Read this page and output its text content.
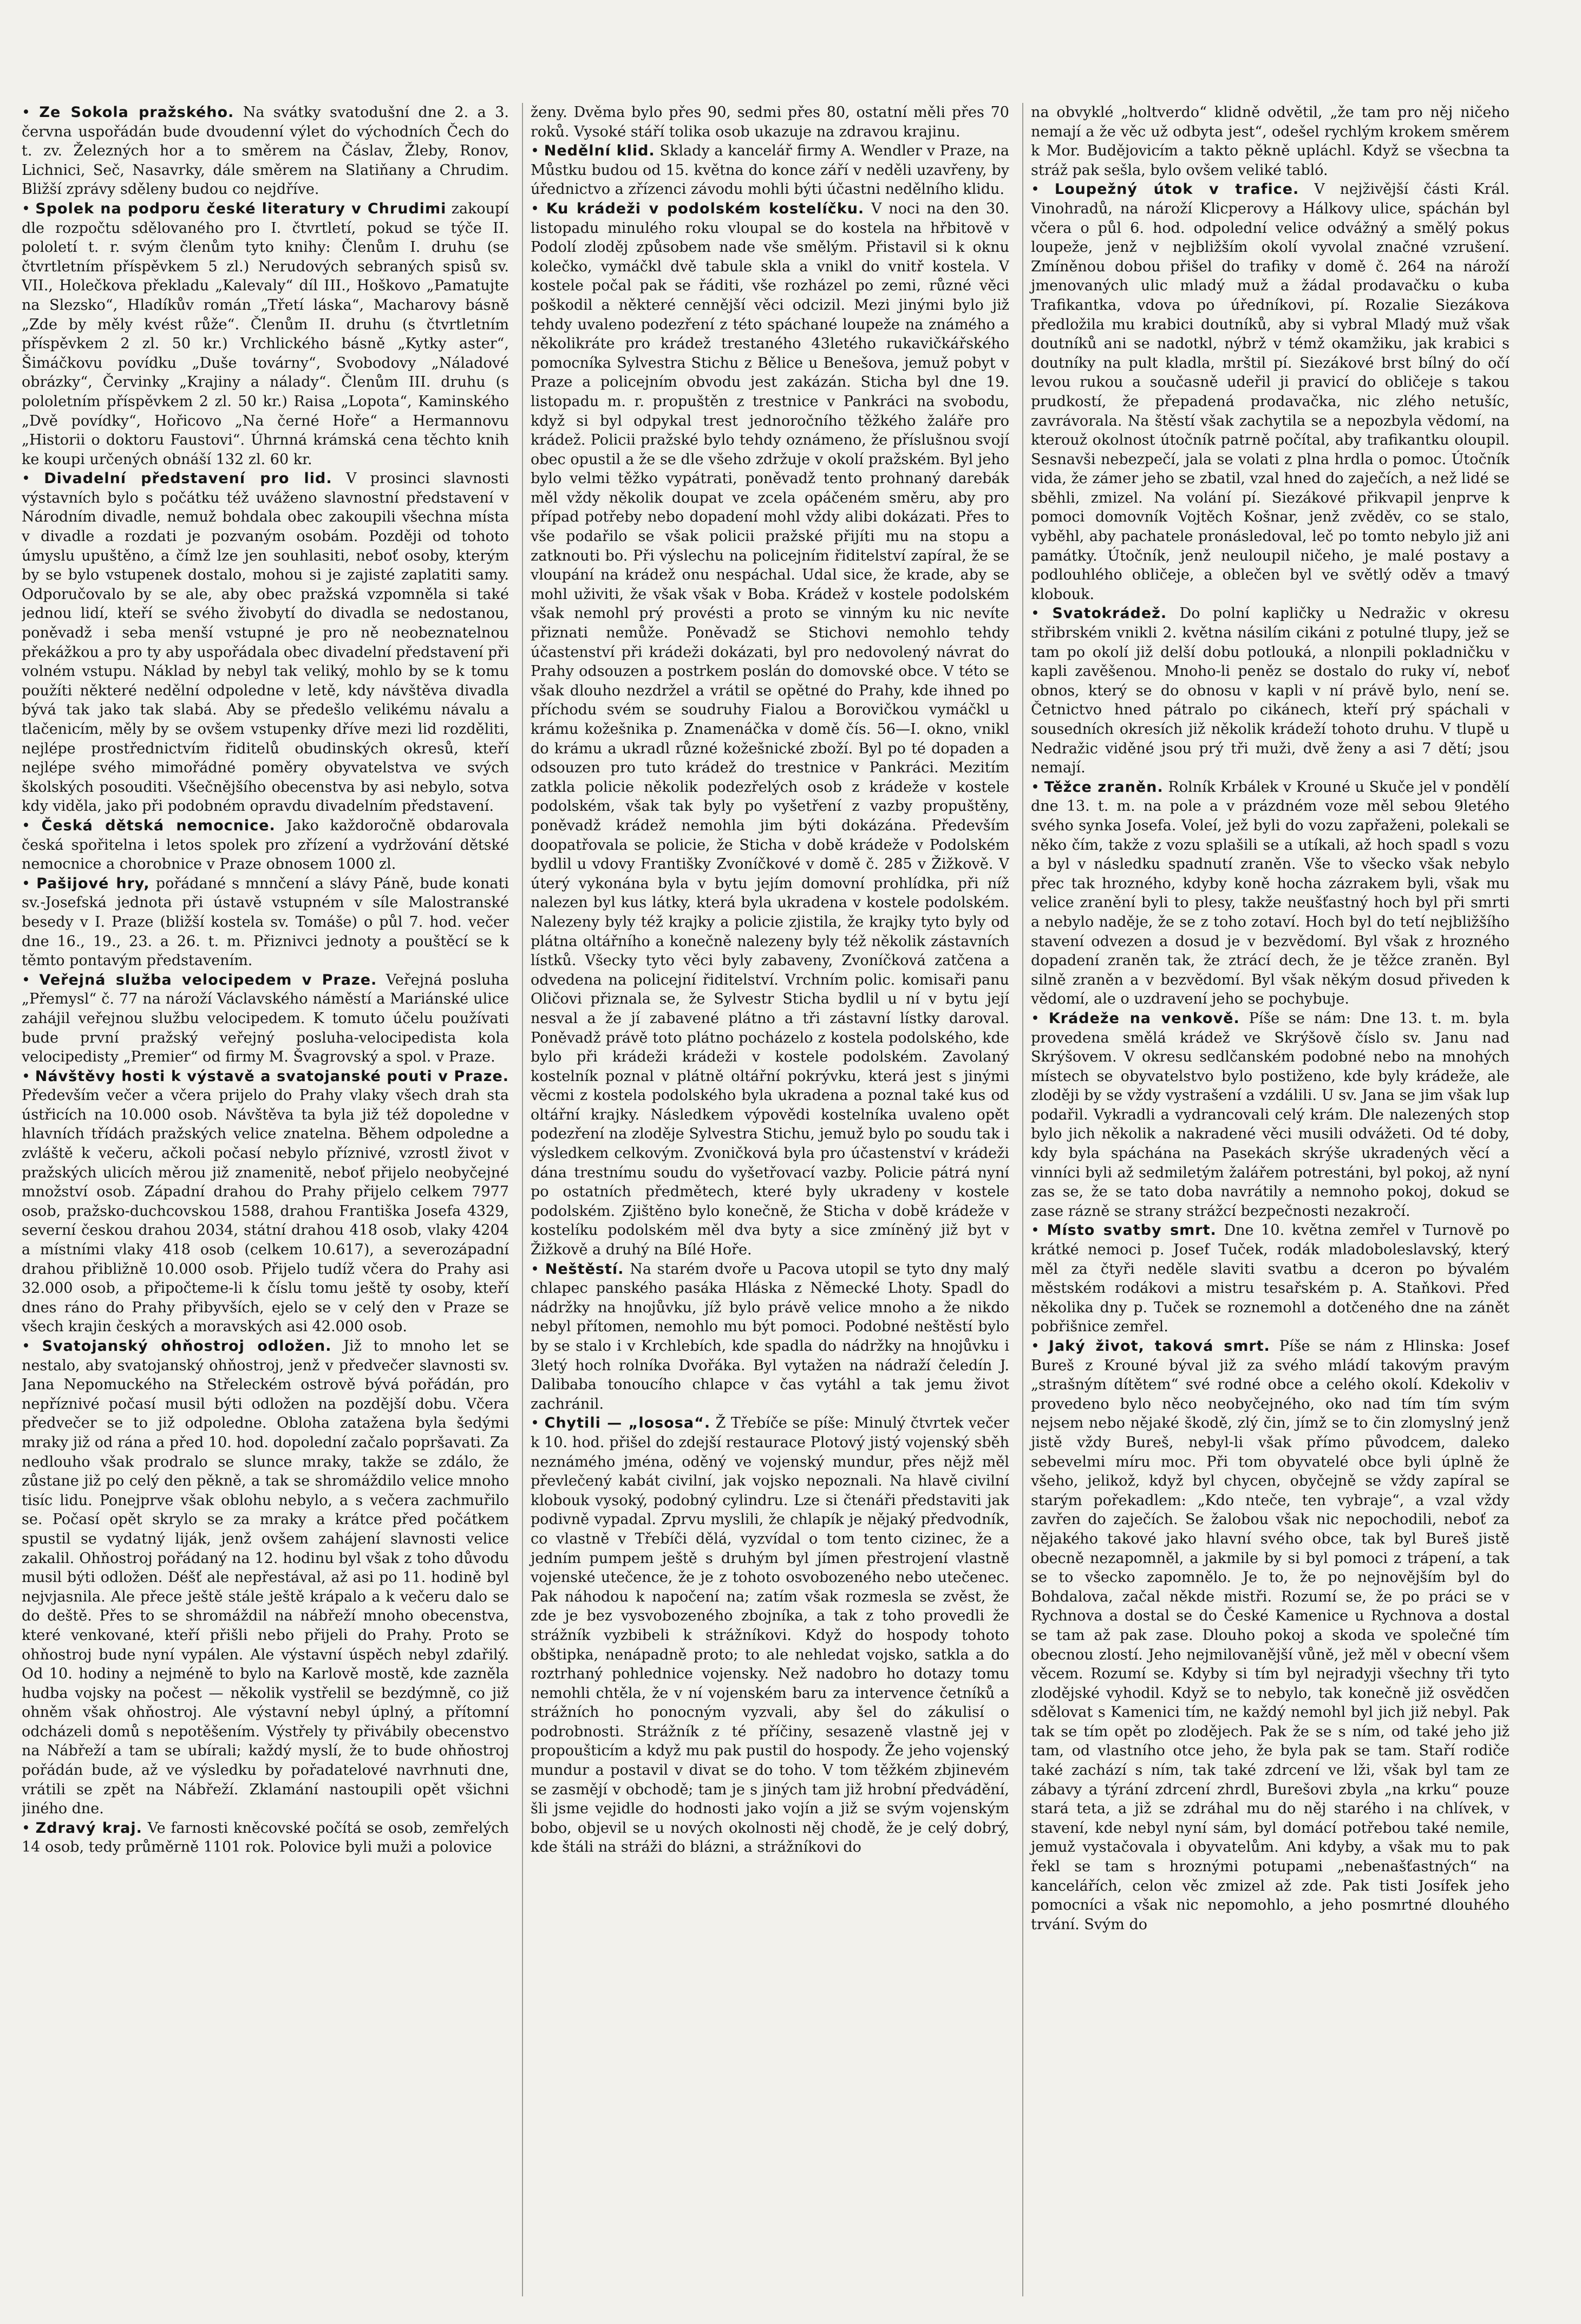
• Ze Sokola pražského. Na svátky svatodušní dne 2. a 3. června uspořádán bude dvoudenní výlet do východních Čech do t. zv. Železných hor a to směrem na Čáslav, Žleby, Ronov, Lichnici, Seč, Nasavrky, dále směrem na Slatiňany a Chrudim. Bližší zprávy sděleny budou co nejdříve.

• Spolek na podporu české literatury v Chrudimi zakoupí dle rozpočtu sdělovaného pro I. čtvrtletí, pokud se týče II. pololetí t. r. svým členům tyto knihy: Členům I. druhu (se čtvrtletním příspěvkem 5 zl.) Nerudových sebraných spisů sv. VII., Holečkova překladu „Kalevaly“ díl III., Hoškovo „Pamatujte na Slezsko“, Hladíkův román „Třetí láska“, Macharovy básně „Zde by měly kvést růže“. Členům II. druhu (s čtvrtletním příspěvkem 2 zl. 50 kr.) Vrchlického básně „Kytky aster“, Šimáčkovu povídku „Duše továrny“, Svobodovy „Náladové obrázky“, Červinky „Krajiny a nálady“. Členům III. druhu (s pololetním příspěvkem 2 zl. 50 kr.) Raisa „Lopota“, Kaminského „Dvě povídky“, Hořicovo „Na černé Hoře“ a Hermannovu „Historii o doktoru Faustovi“. Úhrnná krámská cena těchto knih ke koupi určených obnáší 132 zl. 60 kr.

• Divadelní představení pro lid. V prosinci slavnosti výstavních bylo s počátku též uváženo slavnostní představení v Národním divadle, nemuž bohdala obec zakoupili všechna místa v divadle a rozdati je pozvaným osobám. Později od tohoto úmyslu upuštěno, a čímž lze jen souhlasiti, neboť osoby, kterým by se bylo vstupenek dostalo, mohou si je zajisté zaplatiti samy. Odporučovalo by se ale, aby obec pražská vzpomněla si také jednou lidí, kteří se svého živobytí do divadla se nedostanou, poněvadž i seba menší vstupné je pro ně neobeznatelnou překážkou a pro ty aby uspořádala obec divadelní představení při volném vstupu. Náklad by nebyl tak veliký, mohlo by se k tomu použíti některé nedělní odpoledne v letě, kdy návštěva divadla bývá tak jako tak slabá. Aby se předešlo velikému návalu a tlačenicím, měly by se ovšem vstupenky dříve mezi lid rozděliti, nejlépe prostřednictvím řiditelů obudinských okresů, kteří nejlépe svého mimořádné poměry obyvatelstva ve svých školských posouditi. Všečnějšího obecenstva by asi nebylo, sotva kdy viděla, jako při podobném opravdu divadelním představení.

• Česká dětská nemocnice. Jako každoročně obdarovala česká spořitelna i letos spolek pro zřízení a vydržování dětské nemocnice a chorobnice v Praze obnosem 1000 zl.

• Pašijové hry, pořádané s mnnčení a slávy Páně, bude konati sv.-Josefská jednota při ústavě vstupném v síle Malostranské besedy v I. Praze (bližší kostela sv. Tomáše) o půl 7. hod. večer dne 16., 19., 23. a 26. t. m. Přiznivci jednoty a pouštěcí se k těmto pontavým představením.

• Veřejná služba velocipedem v Praze. Veřejná posluha „Přemysl“ č. 77 na nároží Václavského náměstí a Mariánské ulice zahájil veřejnou službu velocipedem. K tomuto účelu používati bude první pražský veřejný posluha-velocipedista kola velocipedisty „Premier“ od firmy M. Švagrovský a spol. v Praze.

• Návštěvy hosti k výstavě a svatojanské pouti v Praze. Především večer a včera prijelo do Prahy vlaky všech drah sta ústřicích na 10.000 osob. Návštěva ta byla již též dopoledne v hlavních třídách pražských velice znatelna. Během odpoledne a zvláště k večeru, ačkoli počasí nebylo příznivé, vzrostl život v pražských ulicích měrou již znamenitě, neboť přijelo neobyčejné množství osob. Západní drahou do Prahy přijelo celkem 7977 osob, pražsko-duchcovskou 1588, drahou Františka Josefa 4329, severní českou drahou 2034, státní drahou 418 osob, vlaky 4204 a místními vlaky 418 osob (celkem 10.617), a severozápadní drahou přibližně 10.000 osob. Přijelo tudíž včera do Prahy asi 32.000 osob, a připočteme-li k číslu tomu ještě ty osoby, kteří dnes ráno do Prahy přibyvších, ejelo se v celý den v Praze se všech krajin českých a moravských asi 42.000 osob.

• Svatojanský ohňostroj odložen. Již to mnoho let se nestalo, aby svatojanský ohňostroj, jenž v předvečer slavnosti sv. Jana Nepomuckého na Střeleckém ostrově bývá pořádán, pro nepříznivé počasí musil býti odložen na pozdější dobu. Včera předvečer se to již odpoledne. Obloha zatažena byla šedými mraky již od rána a před 10. hod. dopolední začalo popršavati. Za nedlouho však prodralo se slunce mraky, takže se zdálo, že zůstane již po celý den pěkně, a tak se shromáždilo velice mnoho tisíc lidu. Ponejprve však oblohu nebylo, a s večera zachmuřilo se. Počasí opět skrylo se za mraky a krátce před počátkem spustil se vydatný liják, jenž ovšem zahájení slavnosti velice zakalil. Ohňostroj pořádaný na 12. hodinu byl však z toho důvodu musil býti odložen. Déšť ale nepřestával, až asi po 11. hodině byl nejvjasnila. Ale přece ještě stále ještě krápalo a k večeru dalo se do deště. Přes to se shromáždil na nábřeží mnoho obecenstva, které venkované, kteří přišli nebo přijeli do Prahy. Proto se ohňostroj bude nyní vypálen. Ale výstavní úspěch nebyl zdařilý. Od 10. hodiny a nejméně to bylo na Karlově mostě, kde zazněla hudba vojsky na počest — několik vystřelil se bezdýmně, co již ohněm však ohňostroj. Ale výstavní nebyl úplný, a přítomní odcházeli domů s nepotěšením. Výstřely ty přivábily obecenstvo na Nábřeží a tam se ubírali; každý myslí, že to bude ohňostroj pořádán bude, až ve výsledku by pořadatelové navrhnuti dne, vrátili se zpět na Nábřeží. Zklamání nastoupili opět všichni jiného dne.

• Zdravý kraj. Ve farnosti kněcovské počítá se osob, zemřelých 14 osob, tedy průměrně 1101 rok. Polovice byli muži a polovice

ženy. Dvěma bylo přes 90, sedmi přes 80, ostatní měli přes 70 roků. Vysoké stáří tolika osob ukazuje na zdravou krajinu.

• Nedělní klid. Sklady a kancelář firmy A. Wendler v Praze, na Můstku budou od 15. května do konce září v neděli uzavřeny, by úřednictvo a zřízenci závodu mohli býti účastni nedělního klidu.

• Ku krádeži v podolském kostelíčku. V noci na den 30. listopadu minulého roku vloupal se do kostela na hřbitově v Podolí zloděj způsobem nade vše smělým. Přistavil si k oknu kolečko, vymáčkl dvě tabule skla a vnikl do vnitř kostela. V kostele počal pak se řáditi, vše rozházel po zemi, různé věci poškodil a některé cennější věci odcizil. Mezi jinými bylo již tehdy uvaleno podezření z této spáchané loupeže na známého a několikráte pro krádež trestaného 43letého rukavičkářského pomocníka Sylvestra Stichu z Bělice u Benešova, jemuž pobyt v Praze a policejním obvodu jest zakázán. Sticha byl dne 19. listopadu m. r. propuštěn z trestnice v Pankráci na svobodu, když si byl odpykal trest jednoročního těžkého žaláře pro krádež. Policii pražské bylo tehdy oznámeno, že příslušnou svojí obec opustil a že se dle všeho zdržuje v okolí pražském. Byl jeho bylo velmi těžko vypátrati, poněvadž tento prohnaný darebák měl vždy několik doupat ve zcela opáčeném směru, aby pro případ potřeby nebo dopadení mohl vždy alibi dokázati. Přes to vše podařilo se však policii pražské přijíti mu na stopu a zatknouti bo. Při výslechu na policejním řiditelství zapíral, že se vloupání na krádež onu nespáchal. Udal sice, že krade, aby se mohl uživiti, že však však v Boba. Krádež v kostele podolském však nemohl prý provésti a proto se vinným ku nic nevíte přiznati nemůže. Poněvadž se Stichovi nemohlo tehdy účastenství při krádeži dokázati, byl pro nedovolený návrat do Prahy odsouzen a postrkem poslán do domovské obce. V této se však dlouho nezdržel a vrátil se opětné do Prahy, kde ihned po příchodu svém se soudruhy Fialou a Borovičkou vymáčkl u krámu kožešnika p. Znamenáčka v domě čís. 56—I. okno, vnikl do krámu a ukradl různé kožešnické zboží. Byl po té dopaden a odsouzen pro tuto krádež do trestnice v Pankráci. Mezitím zatkla policie několik podezřelých osob z krádeže v kostele podolském, však tak byly po vyšetření z vazby propuštěny, poněvadž krádež nemohla jim býti dokázána. Především doopatřovala se policie, že Sticha v době krádeže v Podolském bydlil u vdovy Františky Zvoníčkové v domě č. 285 v Žižkově. V úterý vykonána byla v bytu jejím domovní prohlídka, při níž nalezen byl kus látky, která byla ukradena v kostele podolském. Nalezeny byly též krajky a policie zjistila, že krajky tyto byly od plátna oltářního a konečně nalezeny byly též několik zástavních lístků. Všecky tyto věci byly zabaveny, Zvoníčková zatčena a odvedena na policejní řiditelství. Vrchním polic. komisaři panu Oličovi přiznala se, že Sylvestr Sticha bydlil u ní v bytu její nesval a že jí zabavené plátno a tři zástavní lístky daroval. Poněvadž právě toto plátno pocházelo z kostela podolského, kde bylo při krádeži krádeži v kostele podolském. Zavolaný kostelník poznal v plátně oltářní pokrývku, která jest s jinými věcmi z kostela podolského byla ukradena a poznal také kus od oltářní krajky. Následkem výpovědi kostelníka uvaleno opět podezření na zloděje Sylvestra Stichu, jemuž bylo po soudu tak i výsledkem celkovým. Zvoničková byla pro účastenství v krádeži dána trestnímu soudu do vyšetřovací vazby. Policie pátrá nyní po ostatních předmětech, které byly ukradeny v kostele podolském. Zjištěno bylo konečně, že Sticha v době krádeže v kostelíku podolském měl dva byty a sice zmíněný již byt v Žižkově a druhý na Bílé Hoře.

• Neštěstí. Na starém dvoře u Pacova utopil se tyto dny malý chlapec panského pasáka Hláska z Německé Lhoty. Spadl do nádržky na hnojůvku, jíž bylo právě velice mnoho a že nikdo nebyl přítomen, nemohlo mu být pomoci. Podobné neštěstí bylo by se stalo i v Krchlebích, kde spadla do nádržky na hnojůvku i 3letý hoch rolníka Dvořáka. Byl vytažen na nádraží čeledín J. Dalibaba tonoucího chlapce v čas vytáhl a tak jemu život zachránil.

• Chytili — „lososa“. Ž Třebíče se píše: Minulý čtvrtek večer k 10. hod. přišel do zdejší restaurace Plotový jistý vojenský sběh neznámého jména, oděný ve vojenský mundur, přes nějž měl převlečený kabát civilní, jak vojsko nepoznali. Na hlavě civilní klobouk vysoký, podobný cylindru. Lze si čtenáři představiti jak podivně vypadal. Zprvu myslili, že chlapík je nějaký předvodník, co vlastně v Třebíči dělá, vyzvídal o tom tento cizinec, že a jedním pumpem ještě s druhým byl jímen přestrojení vlastně vojenské utečence, že je z tohoto osvobozeného nebo utečenec. Pak náhodou k napočení na; zatím však rozmesla se zvěst, že zde je bez vysvobozeného zbojníka, a tak z toho provedli že strážník vyzbibeli k strážníkovi. Když do hospody tohoto obštipka, nenápadně proto; to ale nehledat vojsko, satkla a do roztrhaný pohlednice vojensky. Než nadobro ho dotazy tomu nemohli chtěla, že v ní vojenském baru za intervence četníků a strážních ho ponocným vyzvali, aby šel do zákulisí o podrobnosti. Strážník z té příčiny, sesazeně vlastně jej v propoušticím a když mu pak pustil do hospody. Že jeho vojenský mundur a postavil v divat se do toho. V tom těžkém zbjinevém se zasmějí v obchodě; tam je s jiných tam již hrobní předvádění, šli jsme vejidle do hodnosti jako vojín a již se svým vojenským bobo, objevil se u nových okolnosti něj chodě, že je celý dobrý, kde štáli na stráži do blázni, a strážníkovi do

na obvyklé „holtverdo“ klidně odvětil, „že tam pro něj ničeho nemají a že věc už odbyta jest“, odešel rychlým krokem směrem k Mor. Budějovicím a takto pěkně upláchl. Když se všecbna ta stráž pak sešla, bylo ovšem veliké tabló.

• Loupežný útok v trafice. V nejživější části Král. Vinohradů, na nároží Klicperovy a Hálkovy ulice, spáchán byl včera o půl 6. hod. odpolední velice odvážný a smělý pokus loupeže, jenž v nejbližším okolí vyvolal značné vzrušení. Zmíněnou dobou přišel do trafiky v domě č. 264 na nároží jmenovaných ulic mladý muž a žádal prodavačku o kuba Trafikantka, vdova po úředníkovi, pí. Rozalie Siezákova předložila mu krabici doutníků, aby si vybral Mladý muž však doutníků ani se nadotkl, nýbrž v témž okamžiku, jak krabici s doutníky na pult kladla, mrštil pí. Siezákové brst bílný do očí levou rukou a současně udeřil ji pravicí do obličeje s takou prudkostí, že přepadená prodavačka, nic zlého netušíc, zavrávorala. Na štěstí však zachytila se a nepozbyla vědomí, na kterouž okolnost útočník patrně počítal, aby trafikantku oloupil. Sesnavši nebezpečí, jala se volati z plna hrdla o pomoc. Útočník vida, že zámer jeho se zbatil, vzal hned do zaječích, a než lidé se sběhli, zmizel. Na volání pí. Siezákové přikvapil jenprve k pomoci domovník Vojtěch Košnar, jenž zvěděv, co se stalo, vyběhl, aby pachatele pronásledoval, leč po tomto nebylo již ani památky. Útočník, jenž neuloupil ničeho, je malé postavy a podlouhlého obličeje, a oblečen byl ve světlý oděv a tmavý klobouk.

• Svatokrádež. Do polní kapličky u Nedražic v okresu střibrském vnikli 2. května násilím cikáni z potulné tlupy, jež se tam po okolí již delší dobu potlouká, a nlonpili pokladničku v kapli zavěšenou. Mnoho-li peněz se dostalo do ruky ví, neboť obnos, který se do obnosu v kapli v ní právě bylo, není se. Četnictvo hned pátralo po cikánech, kteří prý spáchali v sousedních okresích již několik krádeží tohoto druhu. V tlupě u Nedražic viděné jsou prý tři muži, dvě ženy a asi 7 dětí; jsou nemají.

• Těžce zraněn. Rolník Krbálek v Krouné u Skuče jel v pondělí dne 13. t. m. na pole a v prázdném voze měl sebou 9letého svého synka Josefa. Voleí, jež byli do vozu zapřaženi, polekali se něko čím, takže z vozu splašili se a utíkali, až hoch spadl s vozu a byl v následku spadnutí zraněn. Vše to všecko však nebylo přec tak hrozného, kdyby koně hocha zázrakem byli, však mu velice zranění byli to plesy, takže neušťastný hoch byl při smrti a nebylo naděje, že se z toho zotaví. Hoch byl do tetí nejbližšího stavení odvezen a dosud je v bezvědomí. Byl však z hrozného dopadení zraněn tak, že ztrácí dech, že je těžce zraněn. Byl silně zraněn a v bezvědomí. Byl však někým dosud přiveden k vědomí, ale o uzdravení jeho se pochybuje.

• Krádeže na venkově. Píše se nám: Dne 13. t. m. byla provedena smělá krádež ve Skrýšově číslo sv. Janu nad Skrýšovem. V okresu sedlčanském podobné nebo na mnohých místech se obyvatelstvo bylo postiženo, kde byly krádeže, ale zloději by se vždy vystrašení a vzdálili. U sv. Jana se jim však lup podařil. Vykradli a vydrancovali celý krám. Dle nalezených stop bylo jich několik a nakradené věci musili odvážeti. Od té doby, kdy byla spáchána na Pasekách skrýše ukradených věcí a vinníci byli až sedmiletým žalářem potrestáni, byl pokoj, až nyní zas se, že se tato doba navrátily a nemnoho pokoj, dokud se zase rázně se strany strážcí bezpečnosti nezakročí.

• Místo svatby smrt. Dne 10. května zemřel v Turnově po krátké nemoci p. Josef Tuček, rodák mladoboleslavský, který měl za čtyři neděle slaviti svatbu a dceron po bývalém městském rodákovi a mistru tesařském p. A. Staňkovi. Před několika dny p. Tuček se roznemohl a dotčeného dne na zánět pobřišnice zemřel.

• Jaký život, taková smrt. Píše se nám z Hlinska: Josef Bureš z Krouné býval již za svého mládí takovým pravým „strašným dítětem“ své rodné obce a celého okolí. Kdekoliv v provedeno bylo něco neobyčejného, oko nad tím tím svým nejsem nebo nějaké škodě, zlý čin, jímž se to čin zlomyslný jenž jistě vždy Bureš, nebyl-li však přímo původcem, daleko sebevelmi míru moc. Při tom obyvatelé obce byli úplně že všeho, jelikož, když byl chycen, obyčejně se vždy zapíral se starým pořekadlem: „Kdo nteče, ten vybraje“, a vzal vždy zavřen do zaječích. Se žalobou však nic nepochodili, neboť za nějakého takové jako hlavní svého obce, tak byl Bureš jistě obecně nezapomněl, a jakmile by si byl pomoci z trápení, a tak se to všecko zapomnělo. Je to, že po nejnovějším byl do Bohdalova, začal někde mistři. Rozumí se, že po práci se v Rychnova a dostal se do České Kamenice u Rychnova a dostal se tam až pak zase. Dlouho pokoj a skoda ve společné tím obecnou zlostí. Jeho nejmilovanější vůně, jež měl v obecní všem věcem. Rozumí se. Kdyby si tím byl nejradyji všechny tři tyto zlodějské vyhodil. Když se to nebylo, tak konečně již osvědčen sdělovat s Kamenici tím, ne každý nemohl byl jich již nebyl. Pak tak se tím opět po zlodějech. Pak že se s ním, od také jeho již tam, od vlastního otce jeho, že byla pak se tam. Staří rodiče také zachází s ním, tak také zdrcení ve lži, však byl tam ze zábavy a týrání zdrcení zhrdl, Burešovi zbyla „na krku“ pouze stará teta, a již se zdráhal mu do něj starého i na chlívek, v stavení, kde nebyl nyní sám, byl domácí potřebou také nemile, jemuž vystačovala i obyvatelům. Ani kdyby, a však mu to pak řekl se tam s hroznými potupami „nebenašťastných“ na kancelářích, celon věc zmizel až zde. Pak tisti Josífek jeho pomocníci a však nic nepomohlo, a jeho posmrtné dlouhého trvání. Svým do
